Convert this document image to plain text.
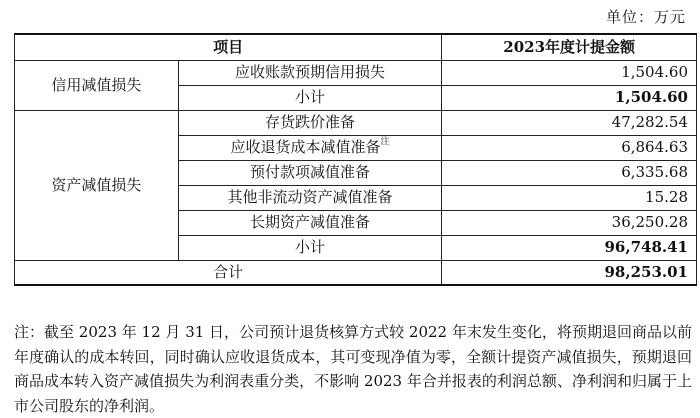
单位：万元
项目		2023年度计提金额
信用减值损失	应收账款预期信用损失	1,504.60
	小计	1,504.60
资产减值损失	存货跌价准备	47,282.54
	应收退货成本减值准备$^注$	6,864.63
	预付款项减值准备	6,335.68
	其他非流动资产减值准备	15.28
	长期资产减值准备	36,250.28
	小计	96,748.41
合计		98,253.01
注：截至 2023 年 12 月 31 日，公司预计退货核算方式较 2022 年末发生变化，将预期退回商品以前年度确认的成本转回，同时确认应收退货成本，其可变现净值为零，全额计提资产减值损失，预期退回商品成本转入资产减值损失为利润表重分类，不影响 2023 年合并报表的利润总额、净利润和归属于上市公司股东的净利润。
